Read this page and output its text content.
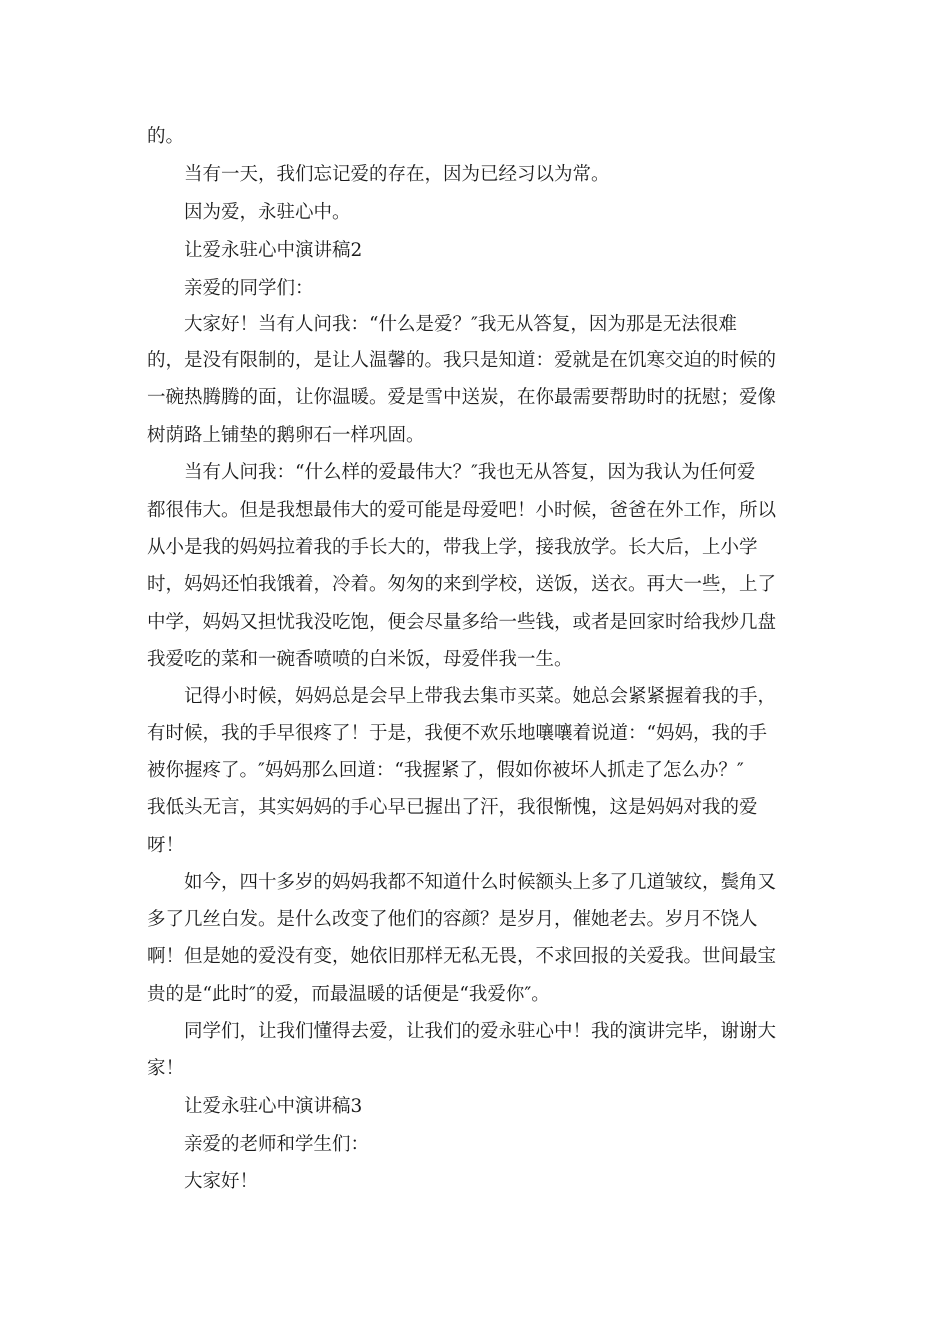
的。
当有一天，我们忘记爱的存在，因为已经习以为常。
因为爱，永驻心中。
让爱永驻心中演讲稿2
亲爱的同学们：
大家好！当有人问我：“什么是爱？″我无从答复，因为那是无法很难
的，是没有限制的，是让人温馨的。我只是知道：爱就是在饥寒交迫的时候的
一碗热腾腾的面，让你温暖。爱是雪中送炭，在你最需要帮助时的抚慰；爱像
树荫路上铺垫的鹅卵石一样巩固。
当有人问我：“什么样的爱最伟大？″我也无从答复，因为我认为任何爱
都很伟大。但是我想最伟大的爱可能是母爱吧！小时候，爸爸在外工作，所以
从小是我的妈妈拉着我的手长大的，带我上学，接我放学。长大后，上小学
时，妈妈还怕我饿着，冷着。匆匆的来到学校，送饭，送衣。再大一些，上了
中学，妈妈又担忧我没吃饱，便会尽量多给一些钱，或者是回家时给我炒几盘
我爱吃的菜和一碗香喷喷的白米饭，母爱伴我一生。
记得小时候，妈妈总是会早上带我去集市买菜。她总会紧紧握着我的手，
有时候，我的手早很疼了！于是，我便不欢乐地嚷嚷着说道：“妈妈，我的手
被你握疼了。″妈妈那么回道：“我握紧了，假如你被坏人抓走了怎么办？″
我低头无言，其实妈妈的手心早已握出了汗，我很惭愧，这是妈妈对我的爱
呀！
如今，四十多岁的妈妈我都不知道什么时候额头上多了几道皱纹，鬓角又
多了几丝白发。是什么改变了他们的容颜？是岁月，催她老去。岁月不饶人
啊！但是她的爱没有变，她依旧那样无私无畏，不求回报的关爱我。世间最宝
贵的是“此时″的爱，而最温暖的话便是“我爱你″。
同学们，让我们懂得去爱，让我们的爱永驻心中！我的演讲完毕，谢谢大
家！
让爱永驻心中演讲稿3
亲爱的老师和学生们：
大家好！
